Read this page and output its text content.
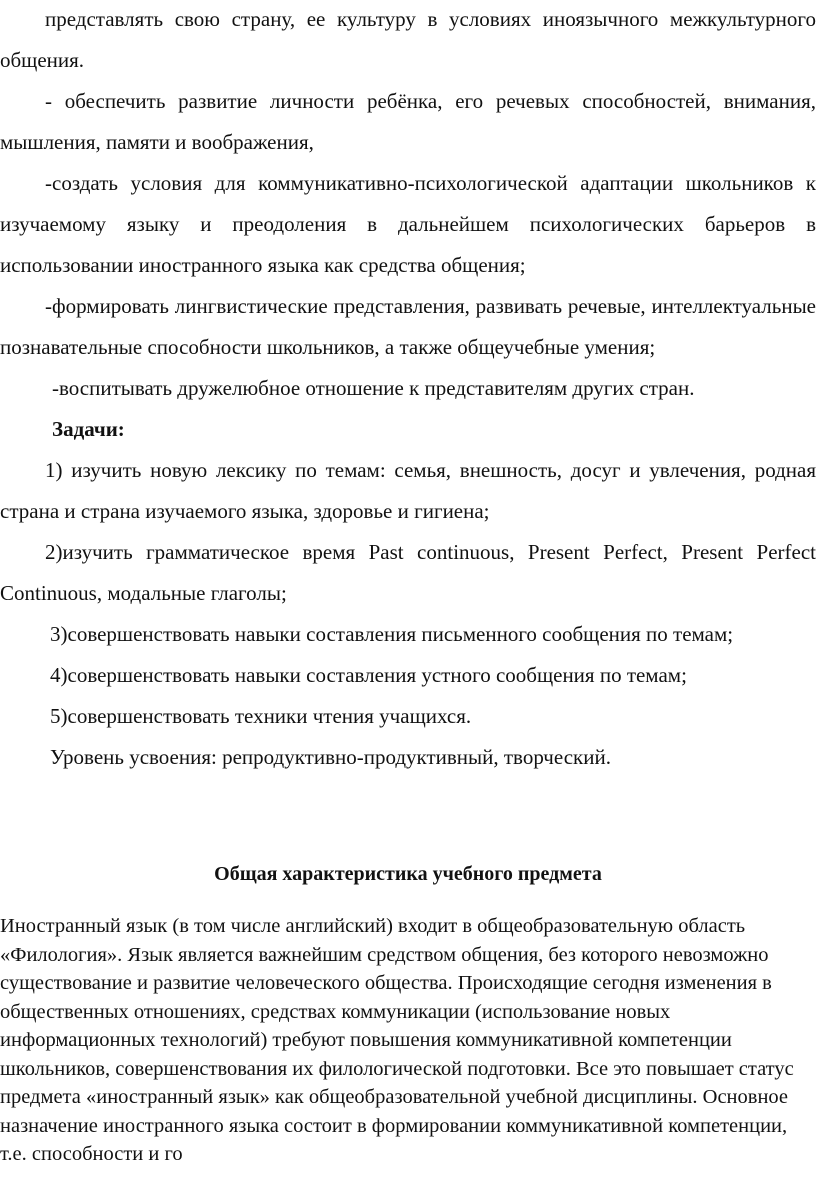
представлять свою страну, ее культуру в условиях иноязычного межкультурного общения.

- обеспечить развитие личности ребёнка, его речевых способностей, внимания, мышления, памяти и воображения,

-создать условия для коммуникативно-психологической адаптации школьников к изучаемому языку и преодоления в дальнейшем психологических барьеров в использовании иностранного языка как средства общения;

-формировать лингвистические представления, развивать речевые, интеллектуальные познавательные способности школьников, а также общеучебные умения;

-воспитывать дружелюбное отношение к представителям других стран.

Задачи:

1) изучить новую лексику по темам: семья, внешность, досуг и увлечения, родная страна и страна изучаемого языка, здоровье и гигиена;

2)изучить грамматическое время Past continuous, Present Perfect, Present Perfect Continuous, модальные глаголы;

3)совершенствовать навыки составления письменного сообщения по темам;

4)совершенствовать навыки составления устного сообщения по темам;

5)совершенствовать техники чтения учащихся.

Уровень усвоения: репродуктивно-продуктивный, творческий.

Общая характеристика учебного предмета

Иностранный язык (в том числе английский) входит в общеобразовательную область «Филология». Язык является важнейшим средством общения, без которого невозможно существование и развитие человеческого общества. Происходящие сегодня изменения в общественных отношениях, средствах коммуникации (использование новых информационных технологий) требуют повышения коммуникативной компетенции школьников, совершенствования их филологической подготовки. Все это повышает статус предмета «иностранный язык» как общеобразовательной учебной дисциплины. Основное назначение иностранного языка состоит в формировании коммуникативной компетенции, т.е. способности и го
